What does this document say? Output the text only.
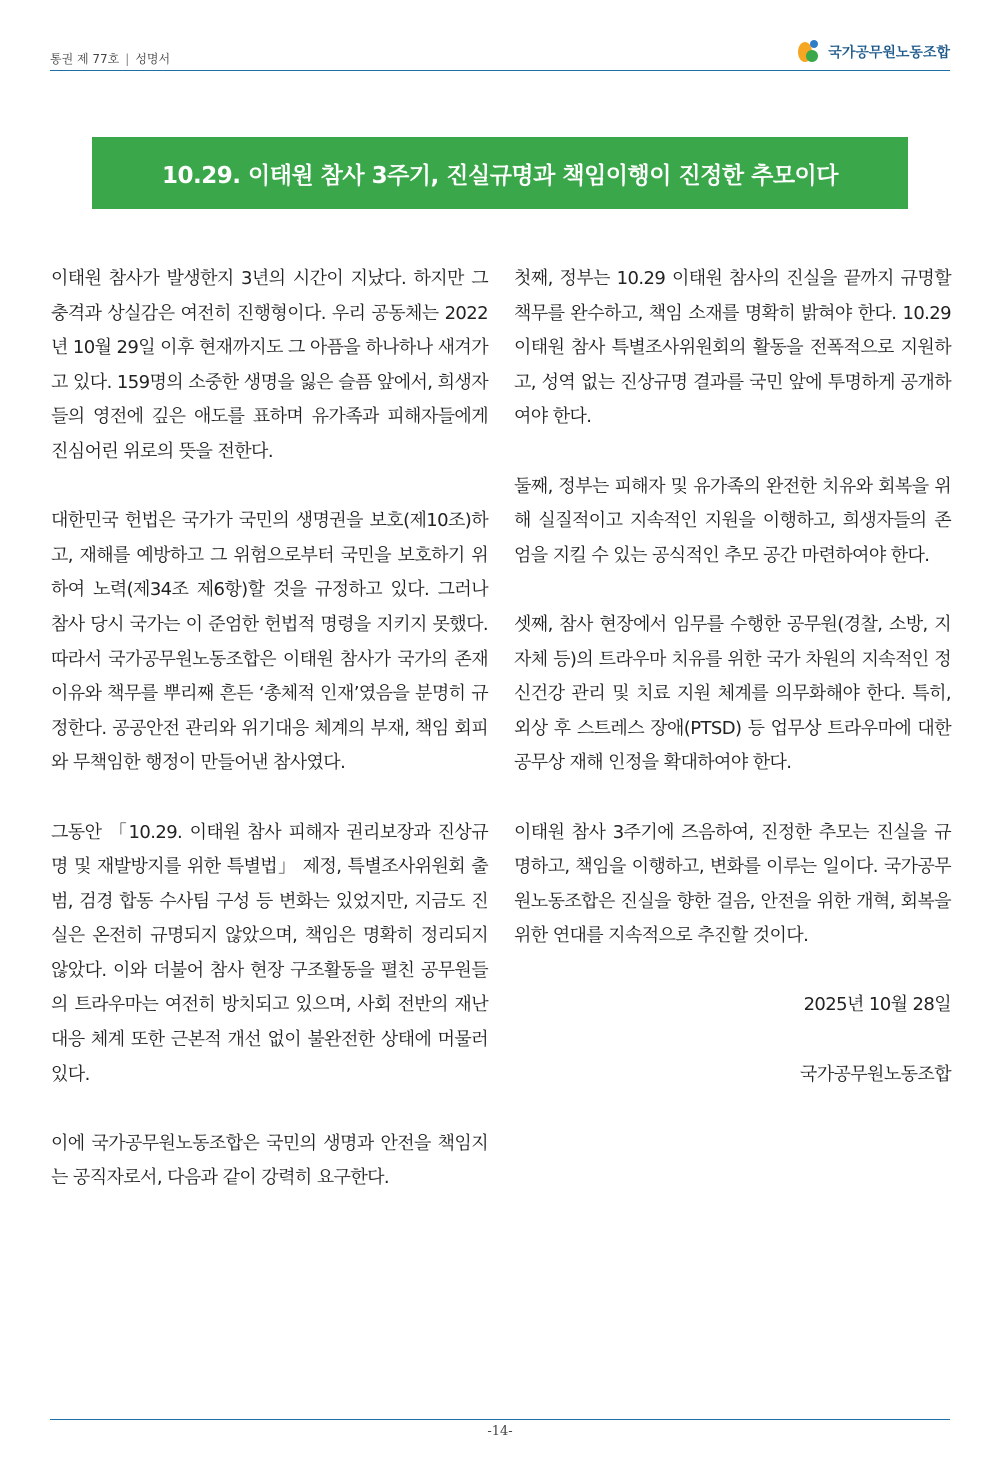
통권 제 77호 | 성명서	국가공무원노동조합
10.29. 이태원 참사 3주기, 진실규명과 책임이행이 진정한 추모이다

이태원 참사가 발생한지 3년의 시간이 지났다. 하지만 그 충격과 상실감은 여전히 진행형이다. 우리 공동체는 2022년 10월 29일 이후 현재까지도 그 아픔을 하나하나 새겨가고 있다. 159명의 소중한 생명을 잃은 슬픔 앞에서, 희생자들의 영전에 깊은 애도를 표하며 유가족과 피해자들에게 진심어린 위로의 뜻을 전한다.

대한민국 헌법은 국가가 국민의 생명권을 보호(제10조)하고, 재해를 예방하고 그 위험으로부터 국민을 보호하기 위하여 노력(제34조 제6항)할 것을 규정하고 있다. 그러나 참사 당시 국가는 이 준엄한 헌법적 명령을 지키지 못했다. 따라서 국가공무원노동조합은 이태원 참사가 국가의 존재 이유와 책무를 뿌리째 흔든 ‘총체적 인재’였음을 분명히 규정한다. 공공안전 관리와 위기대응 체계의 부재, 책임 회피와 무책임한 행정이 만들어낸 참사였다.

그동안 「10.29. 이태원 참사 피해자 권리보장과 진상규명 및 재발방지를 위한 특별법」 제정, 특별조사위원회 출범, 검경 합동 수사팀 구성 등 변화는 있었지만, 지금도 진실은 온전히 규명되지 않았으며, 책임은 명확히 정리되지 않았다. 이와 더불어 참사 현장 구조활동을 펼친 공무원들의 트라우마는 여전히 방치되고 있으며, 사회 전반의 재난 대응 체계 또한 근본적 개선 없이 불완전한 상태에 머물러 있다.

이에 국가공무원노동조합은 국민의 생명과 안전을 책임지는 공직자로서, 다음과 같이 강력히 요구한다.

첫째, 정부는 10.29 이태원 참사의 진실을 끝까지 규명할 책무를 완수하고, 책임 소재를 명확히 밝혀야 한다. 10.29 이태원 참사 특별조사위원회의 활동을 전폭적으로 지원하고, 성역 없는 진상규명 결과를 국민 앞에 투명하게 공개하여야 한다.

둘째, 정부는 피해자 및 유가족의 완전한 치유와 회복을 위해 실질적이고 지속적인 지원을 이행하고, 희생자들의 존엄을 지킬 수 있는 공식적인 추모 공간 마련하여야 한다.

셋째, 참사 현장에서 임무를 수행한 공무원(경찰, 소방, 지자체 등)의 트라우마 치유를 위한 국가 차원의 지속적인 정신건강 관리 및 치료 지원 체계를 의무화해야 한다. 특히, 외상 후 스트레스 장애(PTSD) 등 업무상 트라우마에 대한 공무상 재해 인정을 확대하여야 한다.

이태원 참사 3주기에 즈음하여, 진정한 추모는 진실을 규명하고, 책임을 이행하고, 변화를 이루는 일이다. 국가공무원노동조합은 진실을 향한 걸음, 안전을 위한 개혁, 회복을 위한 연대를 지속적으로 추진할 것이다.

2025년 10월 28일

국가공무원노동조합

-14-
